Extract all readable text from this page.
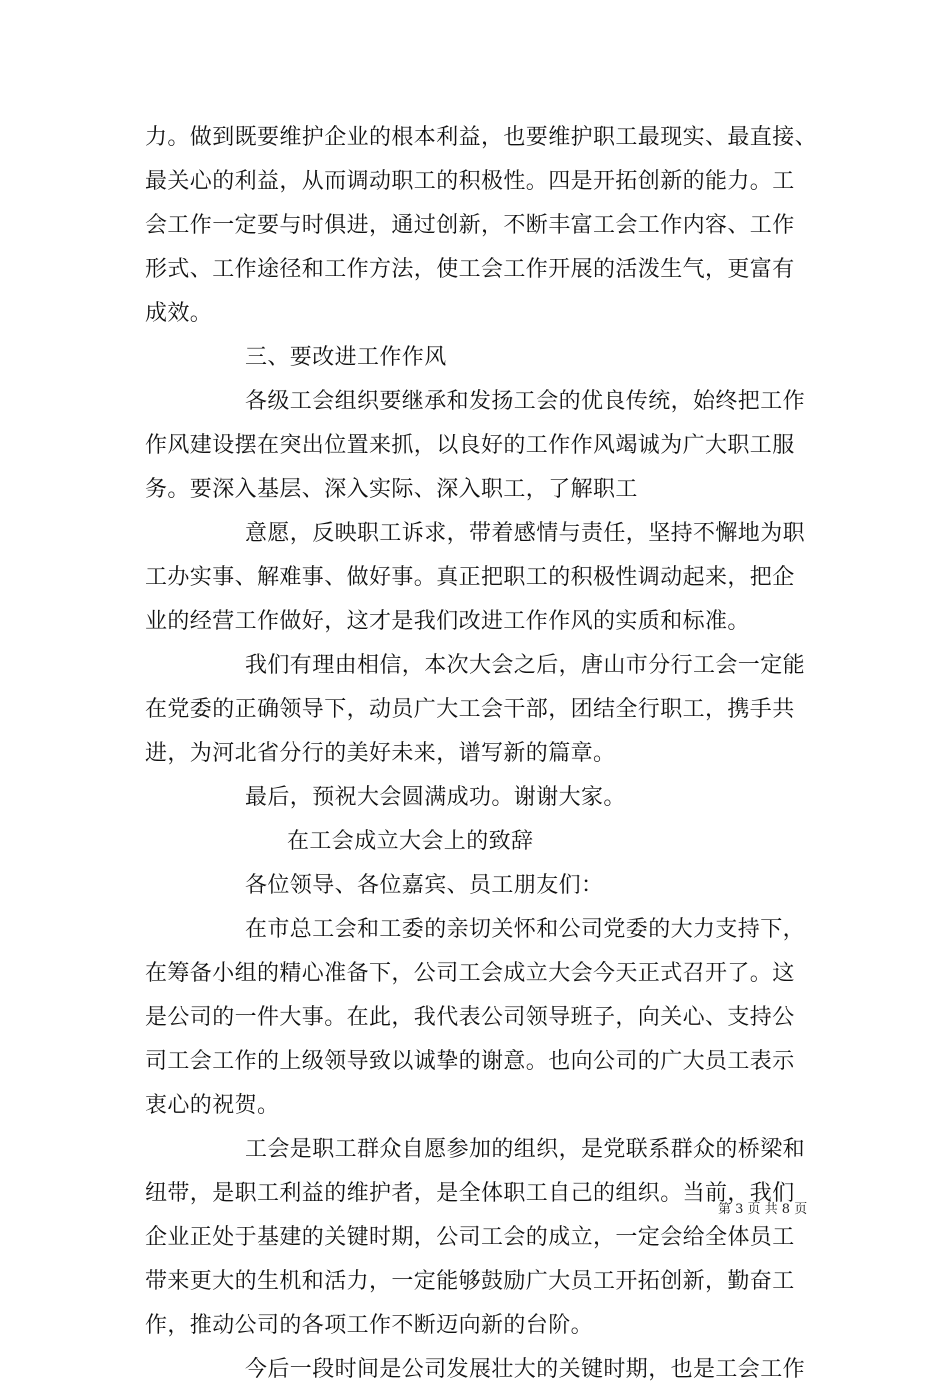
力。做到既要维护企业的根本利益，也要维护职工最现实、最直接、
最关心的利益，从而调动职工的积极性。四是开拓创新的能力。工
会工作一定要与时俱进，通过创新，不断丰富工会工作内容、工作
形式、工作途径和工作方法，使工会工作开展的活泼生气，更富有
成效。
三、要改进工作作风
各级工会组织要继承和发扬工会的优良传统，始终把工作
作风建设摆在突出位置来抓，以良好的工作作风竭诚为广大职工服
务。要深入基层、深入实际、深入职工，了解职工
意愿，反映职工诉求，带着感情与责任，坚持不懈地为职
工办实事、解难事、做好事。真正把职工的积极性调动起来，把企
业的经营工作做好，这才是我们改进工作作风的实质和标准。
我们有理由相信，本次大会之后，唐山市分行工会一定能
在党委的正确领导下，动员广大工会干部，团结全行职工，携手共
进，为河北省分行的美好未来，谱写新的篇章。
最后，预祝大会圆满成功。谢谢大家。
在工会成立大会上的致辞
各位领导、各位嘉宾、员工朋友们：
在市总工会和工委的亲切关怀和公司党委的大力支持下，
在筹备小组的精心准备下，公司工会成立大会今天正式召开了。这
是公司的一件大事。在此，我代表公司领导班子，向关心、支持公
司工会工作的上级领导致以诚挚的谢意。也向公司的广大员工表示
衷心的祝贺。
工会是职工群众自愿参加的组织，是党联系群众的桥梁和
纽带，是职工利益的维护者，是全体职工自己的组织。当前，我们
企业正处于基建的关键时期，公司工会的成立，一定会给全体员工
带来更大的生机和活力，一定能够鼓励广大员工开拓创新，勤奋工
作，推动公司的各项工作不断迈向新的台阶。
今后一段时间是公司发展壮大的关键时期，也是工会工作
第 3 页 共 8 页
